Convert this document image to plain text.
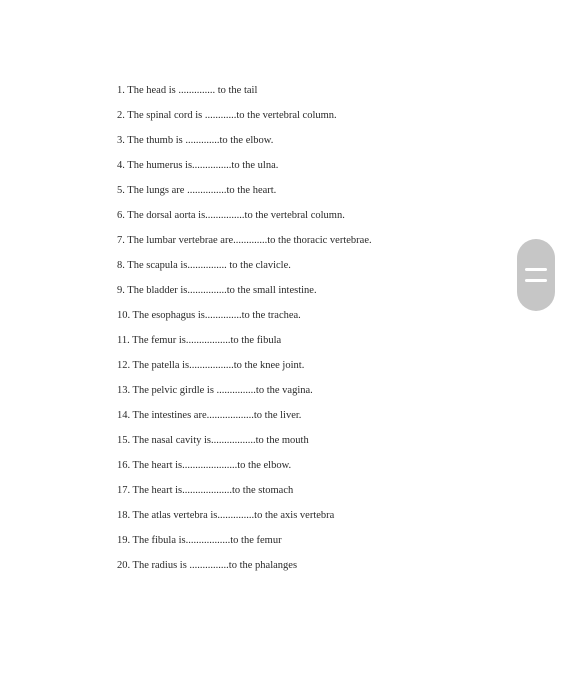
1. The head is .............. to the tail
2. The spinal cord is ............to the vertebral column.
3. The thumb is .............to the elbow.
4. The humerus is...............to the ulna.
5. The lungs are ...............to the heart.
6. The dorsal aorta is...............to the vertebral column.
7. The lumbar vertebrae are.............to the thoracic vertebrae.
8. The scapula is............... to the clavicle.
9. The bladder is...............to the small intestine.
10. The esophagus is..............to the trachea.
11. The femur is.................to the fibula
12. The patella is.................to the knee joint.
13. The pelvic girdle is ...............to the vagina.
14. The intestines are..................to the liver.
15. The nasal cavity is.................to the mouth
16. The heart is.....................to the elbow.
17. The heart is...................to the stomach
18. The atlas vertebra is..............to the axis vertebra
19. The fibula is.................to the femur
20. The radius is ...............to the phalanges
